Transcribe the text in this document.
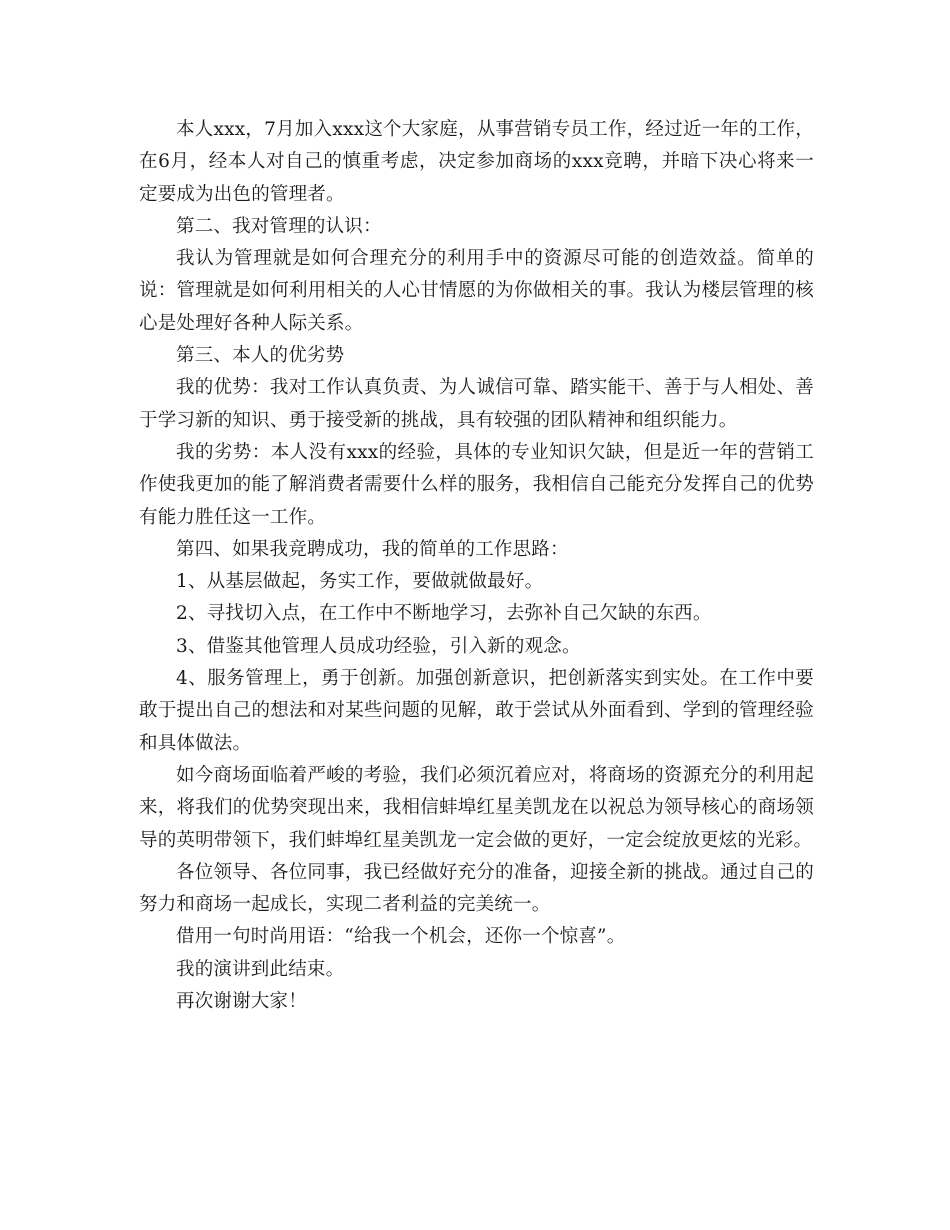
本人xxx，7月加入xxx这个大家庭，从事营销专员工作，经过近一年的工作，在6月，经本人对自己的慎重考虑，决定参加商场的xxx竞聘，并暗下决心将来一定要成为出色的管理者。

第二、我对管理的认识：

我认为管理就是如何合理充分的利用手中的资源尽可能的创造效益。简单的说：管理就是如何利用相关的人心甘情愿的为你做相关的事。我认为楼层管理的核心是处理好各种人际关系。

第三、本人的优劣势

我的优势：我对工作认真负责、为人诚信可靠、踏实能干、善于与人相处、善于学习新的知识、勇于接受新的挑战，具有较强的团队精神和组织能力。

我的劣势：本人没有xxx的经验，具体的专业知识欠缺，但是近一年的营销工作使我更加的能了解消费者需要什么样的服务，我相信自己能充分发挥自己的优势有能力胜任这一工作。

第四、如果我竞聘成功，我的简单的工作思路：

1、从基层做起，务实工作，要做就做最好。

2、寻找切入点，在工作中不断地学习，去弥补自己欠缺的东西。

3、借鉴其他管理人员成功经验，引入新的观念。

4、服务管理上，勇于创新。加强创新意识，把创新落实到实处。在工作中要敢于提出自己的想法和对某些问题的见解，敢于尝试从外面看到、学到的管理经验和具体做法。

如今商场面临着严峻的考验，我们必须沉着应对，将商场的资源充分的利用起来，将我们的优势突现出来，我相信蚌埠红星美凯龙在以祝总为领导核心的商场领导的英明带领下，我们蚌埠红星美凯龙一定会做的更好，一定会绽放更炫的光彩。

各位领导、各位同事，我已经做好充分的准备，迎接全新的挑战。通过自己的努力和商场一起成长，实现二者利益的完美统一。

借用一句时尚用语：“给我一个机会，还你一个惊喜”。

我的演讲到此结束。

再次谢谢大家！
